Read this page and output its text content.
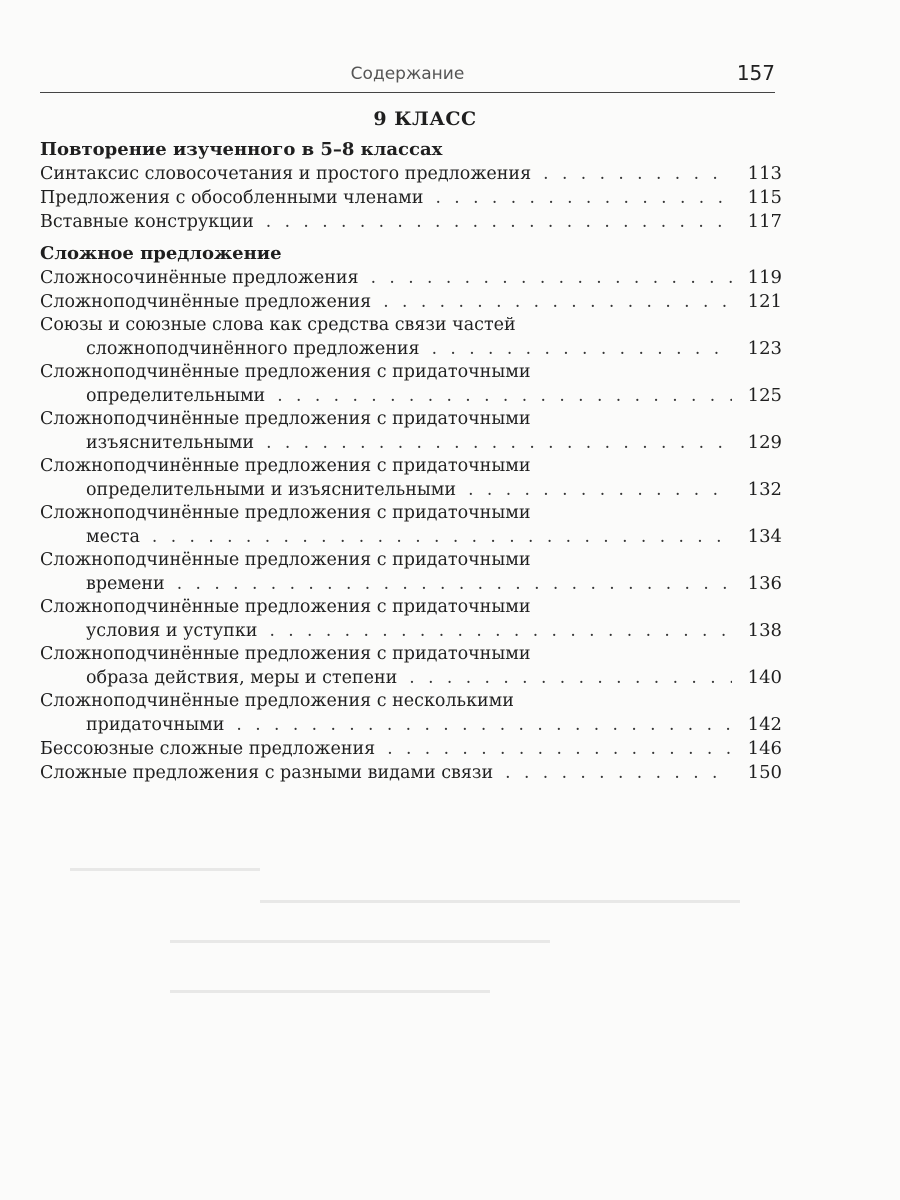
Содержание	157
9 КЛАСС
Повторение изученного в 5–8 классах
Синтаксис словосочетания и простого предложения . . .	113
Предложения с обособленными членами . . .	115
Вставные конструкции . . .	117
Сложное предложение
Сложносочинённые предложения . . .	119
Сложноподчинённые предложения . . .	121
Союзы и союзные слова как средства связи частей
сложноподчинённого предложения . . .	123
Сложноподчинённые предложения с придаточными
определительными . . .	125
Сложноподчинённые предложения с придаточными
изъяснительными . . .	129
Сложноподчинённые предложения с придаточными
определительными и изъяснительными . . .	132
Сложноподчинённые предложения с придаточными
места . . .	134
Сложноподчинённые предложения с придаточными
времени . . .	136
Сложноподчинённые предложения с придаточными
условия и уступки . . .	138
Сложноподчинённые предложения с придаточными
образа действия, меры и степени . . .	140
Сложноподчинённые предложения с несколькими
придаточными . . .	142
Бессоюзные сложные предложения . . .	146
Сложные предложения с разными видами связи . . .	150
